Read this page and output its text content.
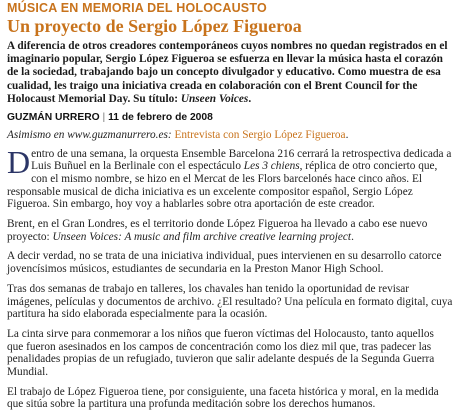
MÚSICA EN MEMORIA DEL HOLOCAUSTO
Un proyecto de Sergio López Figueroa

A diferencia de otros creadores contemporáneos cuyos nombres no quedan registrados en el imaginario popular, Sergio López Figueroa se esfuerza en llevar la música hasta el corazón de la sociedad, trabajando bajo un concepto divulgador y educativo. Como muestra de esa cualidad, les traigo una iniciativa creada en colaboración con el Brent Council for the Holocaust Memorial Day. Su título: Unseen Voices.

GUZMÁN URRERO | 11 de febrero de 2008

Asimismo en www.guzmanurrero.es: Entrevista con Sergio López Figueroa.

Dentro de una semana, la orquesta Ensemble Barcelona 216 cerrará la retrospectiva dedicada a Luis Buñuel en la Berlinale con el espectáculo Les 3 chiens, réplica de otro concierto que, con el mismo nombre, se hizo en el Mercat de les Flors barcelonés hace cinco años. El responsable musical de dicha iniciativa es un excelente compositor español, Sergio López Figueroa. Sin embargo, hoy voy a hablarles sobre otra aportación de este creador.

Brent, en el Gran Londres, es el territorio donde López Figueroa ha llevado a cabo ese nuevo proyecto: Unseen Voices: A music and film archive creative learning project.

A decir verdad, no se trata de una iniciativa individual, pues intervienen en su desarrollo catorce jovencísimos músicos, estudiantes de secundaria en la Preston Manor High School.

Tras dos semanas de trabajo en talleres, los chavales han tenido la oportunidad de revisar imágenes, películas y documentos de archivo. ¿El resultado? Una película en formato digital, cuya partitura ha sido elaborada especialmente para la ocasión.

La cinta sirve para conmemorar a los niños que fueron víctimas del Holocausto, tanto aquellos que fueron asesinados en los campos de concentración como los diez mil que, tras padecer las penalidades propias de un refugiado, tuvieron que salir adelante después de la Segunda Guerra Mundial.

El trabajo de López Figueroa tiene, por consiguiente, una faceta histórica y moral, en la medida que sitúa sobre la partitura una profunda meditación sobre los derechos humanos.
